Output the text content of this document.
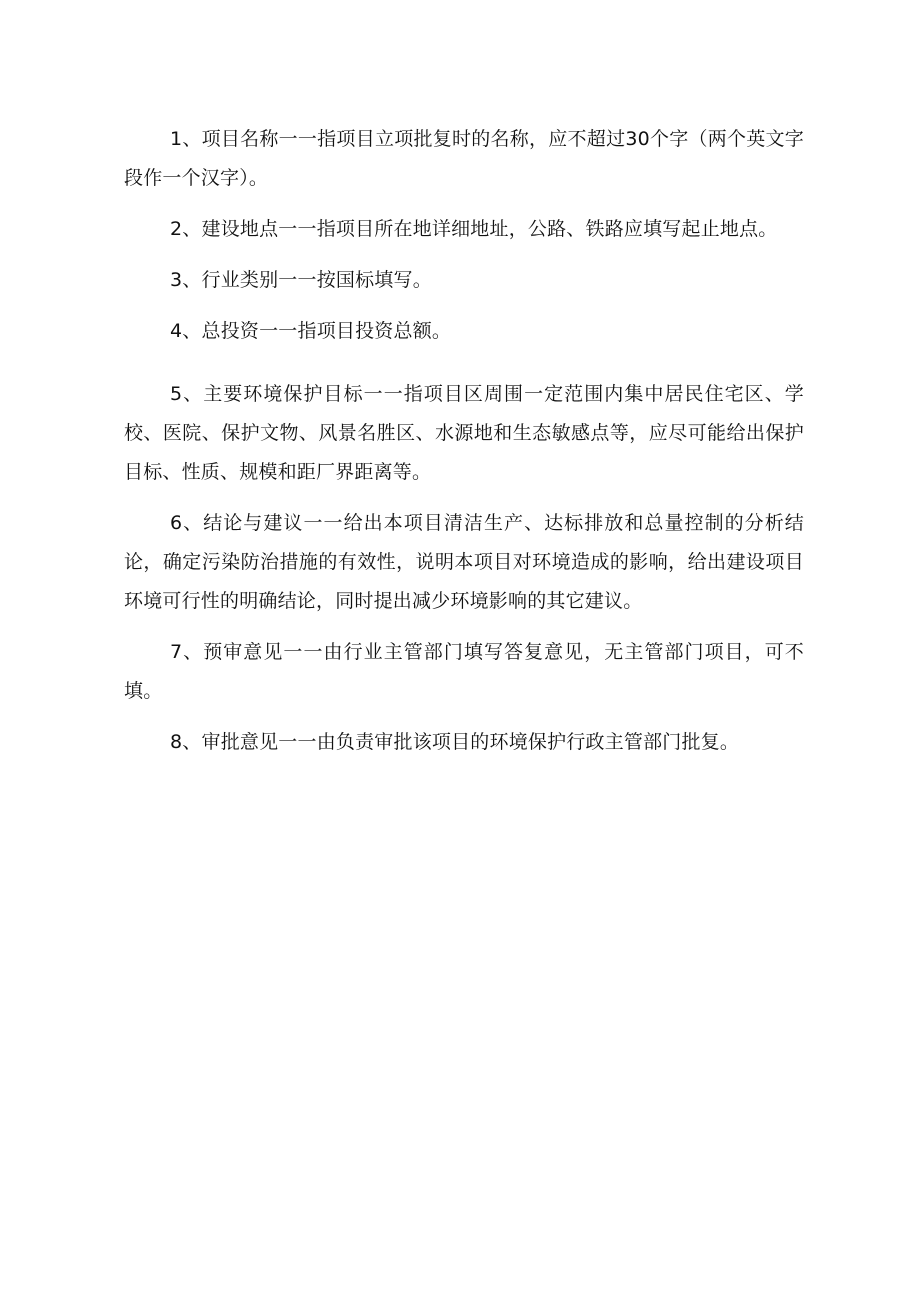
1、项目名称一一指项目立项批复时的名称，应不超过30个字（两个英文字段作一个汉字）。

2、建设地点一一指项目所在地详细地址，公路、铁路应填写起止地点。

3、行业类别一一按国标填写。

4、总投资一一指项目投资总额。

5、主要环境保护目标一一指项目区周围一定范围内集中居民住宅区、学校、医院、保护文物、风景名胜区、水源地和生态敏感点等，应尽可能给出保护目标、性质、规模和距厂界距离等。

6、结论与建议一一给出本项目清洁生产、达标排放和总量控制的分析结论，确定污染防治措施的有效性，说明本项目对环境造成的影响，给出建设项目环境可行性的明确结论，同时提出减少环境影响的其它建议。

7、预审意见一一由行业主管部门填写答复意见，无主管部门项目，可不填。

8、审批意见一一由负责审批该项目的环境保护行政主管部门批复。
